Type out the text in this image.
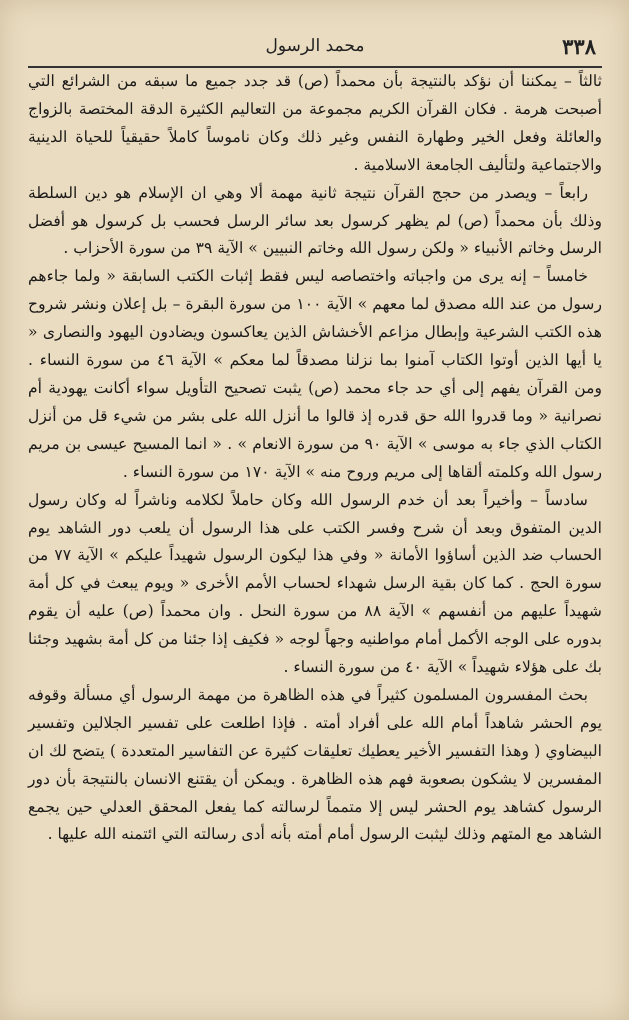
٣٣٨
محمد الرسول

ثالثاً – يمكننا أن نؤكد بالنتيجة بأن محمداً (ص) قد جدد جميع ما سبقه من الشرائع التي أصبحت هرمة . فكان القرآن الكريم مجموعة من التعاليم الكثيرة الدقة المختصة بالزواج والعائلة وفعل الخير وطهارة النفس وغير ذلك وكان ناموساً كاملاً حقيقياً للحياة الدينية والاجتماعية ولتأليف الجامعة الاسلامية .

رابعاً – ويصدر من حجج القرآن نتيجة ثانية مهمة ألا وهي ان الإسلام هو دين السلطة وذلك بأن محمداً (ص) لم يظهر كرسول بعد سائر الرسل فحسب بل كرسول هو أفضل الرسل وخاتم الأنبياء « ولكن رسول الله وخاتم النبيين » الآية ٣٩ من سورة الأحزاب .

خامساً – إنه يرى من واجباته واختصاصه ليس فقط إثبات الكتب السابقة « ولما جاءهم رسول من عند الله مصدق لما معهم » الآية ١٠٠ من سورة البقرة – بل إعلان ونشر شروح هذه الكتب الشرعية وإبطال مزاعم الأخشاش الذين يعاكسون ويضادون اليهود والنصارى « يا أيها الذين أوتوا الكتاب آمنوا بما نزلنا مصدقاً لما معكم » الآية ٤٦ من سورة النساء . ومن القرآن يفهم إلى أي حد جاء محمد (ص) يثبت تصحيح التأويل سواء أكانت يهودية أم نصرانية « وما قدروا الله حق قدره إذ قالوا ما أنزل الله على بشر من شيء قل من أنزل الكتاب الذي جاء به موسى » الآية ٩٠ من سورة الانعام » . « انما المسيح عيسى بن مريم رسول الله وكلمته ألقاها إلى مريم وروح منه » الآية ١٧٠ من سورة النساء .

سادساً – وأخيراً بعد أن خدم الرسول الله وكان حاملاً لكلامه وناشراً له وكان رسول الدين المتفوق وبعد أن شرح وفسر الكتب على هذا الرسول أن يلعب دور الشاهد يوم الحساب ضد الذين أساؤوا الأمانة « وفي هذا ليكون الرسول شهيداً عليكم » الآية ٧٧ من سورة الحج . كما كان بقية الرسل شهداء لحساب الأمم الأخرى « ويوم يبعث في كل أمة شهيداً عليهم من أنفسهم » الآية ٨٨ من سورة النحل . وان محمداً (ص) عليه أن يقوم بدوره على الوجه الأكمل أمام مواطنيه وجهاً لوجه « فكيف إذا جئنا من كل أمة بشهيد وجئنا بك على هؤلاء شهيداً » الآية ٤٠ من سورة النساء .

بحث المفسرون المسلمون كثيراً في هذه الظاهرة من مهمة الرسول أي مسألة وقوفه يوم الحشر شاهداً أمام الله على أفراد أمته . فإذا اطلعت على تفسير الجلالين وتفسير البيضاوي ( وهذا التفسير الأخير يعطيك تعليقات كثيرة عن التفاسير المتعددة ) يتضح لك ان المفسرين لا يشكون بصعوبة فهم هذه الظاهرة . ويمكن أن يقتنع الانسان بالنتيجة بأن دور الرسول كشاهد يوم الحشر ليس إلا متمماً لرسالته كما يفعل المحقق العدلي حين يجمع الشاهد مع المتهم وذلك ليثبت الرسول أمام أمته بأنه أدى رسالته التي ائتمنه الله عليها .
